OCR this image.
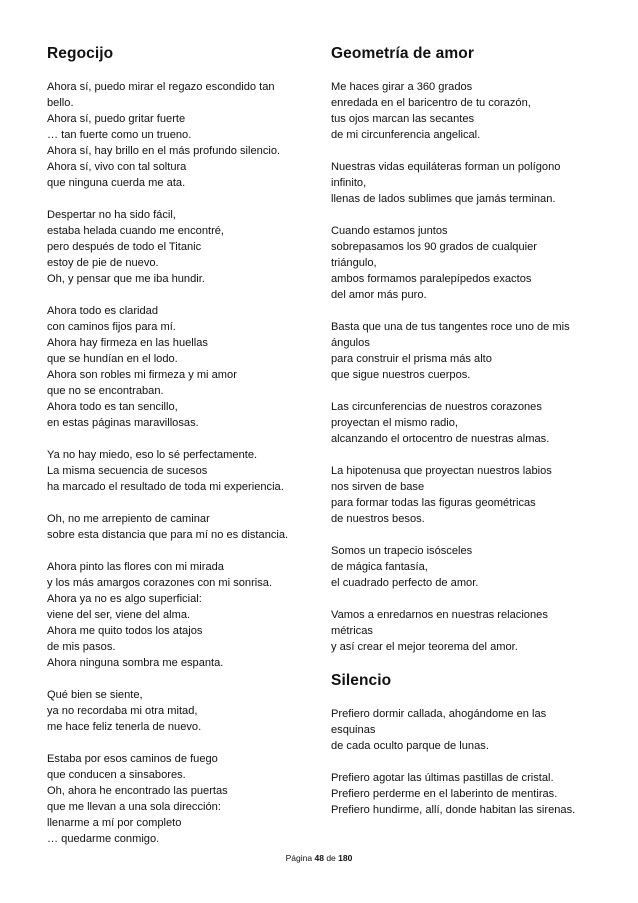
Regocijo
Ahora sí, puedo mirar el regazo escondido tan
bello.
Ahora sí, puedo gritar fuerte
… tan fuerte como un trueno.
Ahora sí, hay brillo en el más profundo silencio.
Ahora sí, vivo con tal soltura
que ninguna cuerda me ata.
Despertar no ha sido fácil,
estaba helada cuando me encontré,
pero después de todo el Titanic
estoy de pie de nuevo.
Oh, y pensar que me iba hundir.
Ahora todo es claridad
con caminos fijos para mí.
Ahora hay firmeza en las huellas
que se hundían en el lodo.
Ahora son robles mi firmeza y mi amor
que no se encontraban.
Ahora todo es tan sencillo,
en estas páginas maravillosas.
Ya no hay miedo, eso lo sé perfectamente.
La misma secuencia de sucesos
ha marcado el resultado de toda mi experiencia.
Oh, no me arrepiento de caminar
sobre esta distancia que para mí no es distancia.
Ahora pinto las flores con mi mirada
y los más amargos corazones con mi sonrisa.
Ahora ya no es algo superficial:
viene del ser, viene del alma.
Ahora me quito todos los atajos
de mis pasos.
Ahora ninguna sombra me espanta.
Qué bien se siente,
ya no recordaba mi otra mitad,
me hace feliz tenerla de nuevo.
Estaba por esos caminos de fuego
que conducen a sinsabores.
Oh, ahora he encontrado las puertas
que me llevan a una sola dirección:
llenarme a mí por completo
… quedarme conmigo.
Geometría de amor
Me haces girar a 360 grados
enredada en el baricentro de tu corazón,
tus ojos marcan las secantes
de mi circunferencia angelical.
Nuestras vidas equiláteras forman un polígono
infinito,
llenas de lados sublimes que jamás terminan.
Cuando estamos juntos
sobrepasamos los 90 grados de cualquier
triángulo,
ambos formamos paralepípedos exactos
del amor más puro.
Basta que una de tus tangentes roce uno de mis
ángulos
para construir el prisma más alto
que sigue nuestros cuerpos.
Las circunferencias de nuestros corazones
proyectan el mismo radio,
alcanzando el ortocentro de nuestras almas.
La hipotenusa que proyectan nuestros labios
nos sirven de base
para formar todas las figuras geométricas
de nuestros besos.
Somos un trapecio isósceles
de mágica fantasía,
el cuadrado perfecto de amor.
Vamos a enredarnos en nuestras relaciones
métricas
y así crear el mejor teorema del amor.
Silencio
Prefiero dormir callada, ahogándome en las
esquinas
de cada oculto parque de lunas.
Prefiero agotar las últimas pastillas de cristal.
Prefiero perderme en el laberinto de mentiras.
Prefiero hundirme, allí, donde habitan las sirenas.
Página 48 de 180
